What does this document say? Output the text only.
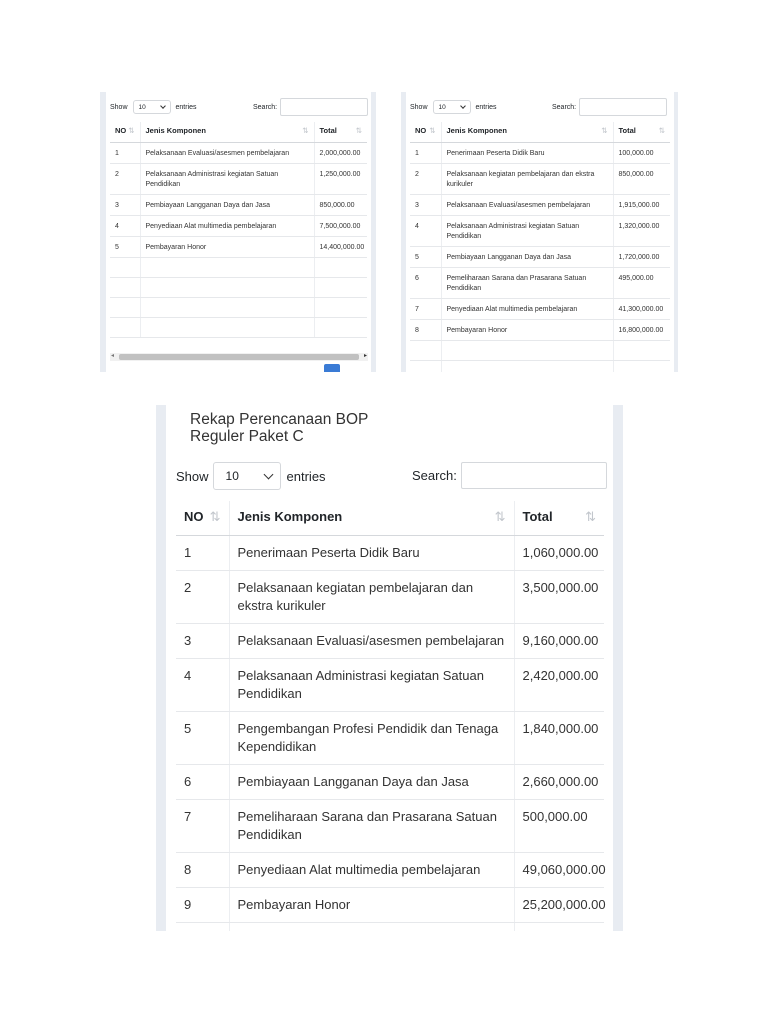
Show 10	entries	Search:
NO ⇅	Jenis Komponen ⇅	Total ⇅

1	Pelaksanaan Evaluasi/asesmen pembelajaran	2,000,000.00
2	Pelaksanaan Administrasi kegiatan Satuan Pendidikan	1,250,000.00
3	Pembiayaan Langganan Daya dan Jasa	850,000.00
4	Penyediaan Alat multimedia pembelajaran	7,500,000.00
5	Pembayaran Honor	14,400,000.00

◂	▸
Show 10	entries	Search:
NO ⇅	Jenis Komponen ⇅	Total ⇅

1	Penerimaan Peserta Didik Baru	100,000.00
2	Pelaksanaan kegiatan pembelajaran dan ekstra kurikuler	850,000.00
3	Pelaksanaan Evaluasi/asesmen pembelajaran	1,915,000.00
4	Pelaksanaan Administrasi kegiatan Satuan Pendidikan	1,320,000.00
5	Pembiayaan Langganan Daya dan Jasa	1,720,000.00
6	Pemeliharaan Sarana dan Prasarana Satuan Pendidikan	495,000.00
7	Penyediaan Alat multimedia pembelajaran	41,300,000.00
8	Pembayaran Honor	16,800,000.00

Rekap Perencanaan BOP
Reguler Paket C
Show 10	entries	Search:
NO ⇅	Jenis Komponen ⇅	Total ⇅

1	Penerimaan Peserta Didik Baru	1,060,000.00
2	Pelaksanaan kegiatan pembelajaran dan ekstra kurikuler	3,500,000.00
3	Pelaksanaan Evaluasi/asesmen pembelajaran	9,160,000.00
4	Pelaksanaan Administrasi kegiatan Satuan Pendidikan	2,420,000.00
5	Pengembangan Profesi Pendidik dan Tenaga Kependidikan	1,840,000.00
6	Pembiayaan Langganan Daya dan Jasa	2,660,000.00
7	Pemeliharaan Sarana dan Prasarana Satuan Pendidikan	500,000.00
8	Penyediaan Alat multimedia pembelajaran	49,060,000.00
9	Pembayaran Honor	25,200,000.00
